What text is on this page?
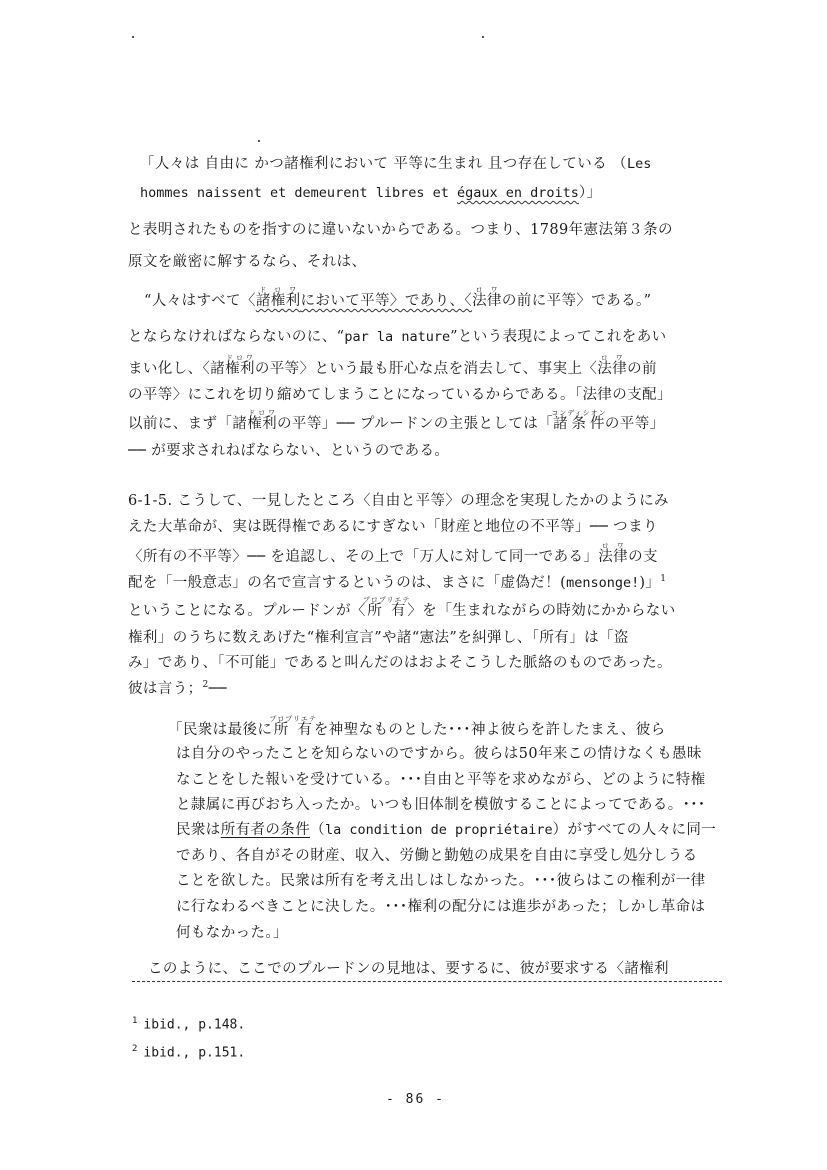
「人々は 自由に かつ諸権利において 平等に生まれ 且つ存在している （Les
hommes naissent et demeurent libres et égaux en droits）」
と表明されたものを指すのに違いないからである。つまり、1789年憲法第３条の
原文を厳密に解するなら、それは、
“人々はすべて〈諸権利ドロワにおいて平等〉であり、〈法律ロワの前に平等〉である。”
とならなければならないのに、“par la nature”という表現によってこれをあい
まい化し、〈諸権利ドロワの平等〉という最も肝心な点を消去して、事実上〈法律ロワの前
の平等〉にこれを切り縮めてしまうことになっているからである。「法律の支配」
以前に、まず「諸権利ドロワの平等」── プルードンの主張としては「諸条件コンディシオンの平等」
── が要求されねばならない、というのである。
6-1-5. こうして、一見したところ〈自由と平等〉の理念を実現したかのようにみ
えた大革命が、実は既得権であるにすぎない「財産と地位の不平等」── つまり
〈所有の不平等〉── を追認し、その上で「万人に対して同一である」法律ロワの支
配を「一般意志」の名で宣言するというのは、まさに「虚偽だ！(mensonge!)」$^1$
ということになる。プルードンが〈所有プロプリエテ〉を「生まれながらの時効にかからない
権利」のうちに数えあげた“権利宣言”や諸“憲法”を糾弾し、「所有」は「盗
み」であり、「不可能」であると叫んだのはおよそこうした脈絡のものであった。
彼は言う；$^2$──
「民衆は最後に所有プロプリエテを神聖なものとした･･･神よ彼らを許したまえ、彼ら
は自分のやったことを知らないのですから。彼らは50年来この情けなくも愚昧
なことをした報いを受けている。･･･自由と平等を求めながら、どのように特権
と隷属に再びおち入ったか。いつも旧体制を模倣することによってである。･･･
民衆は所有者の条件（la condition de propriétaire）がすべての人々に同一
であり、各自がその財産、収入、労働と勤勉の成果を自由に享受し処分しうる
ことを欲した。民衆は所有を考え出しはしなかった。･･･彼らはこの権利が一律
に行なわるべきことに決した。･･･権利の配分には進歩があった；しかし革命は
何もなかった。」
このように、ここでのプルードンの見地は、要するに、彼が要求する〈諸権利
$^1$ ibid., p.148.
$^2$ ibid., p.151.
- 86 -
